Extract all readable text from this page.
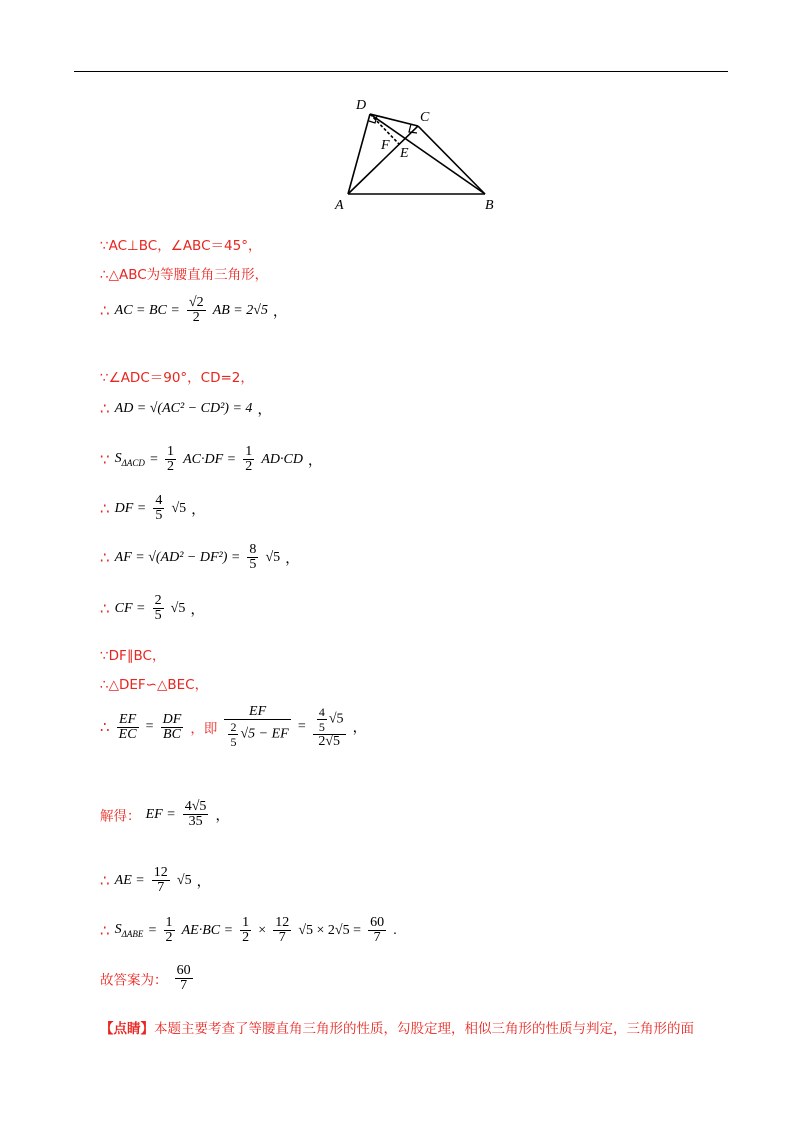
D
C
F
E
A	B
∵AC⊥BC，∠ABC＝45°，
∴△ABC为等腰直角三角形，
∴ AC = BC = $\frac{√2}{2}$ AB = 2√5 ，
∵∠ADC＝90°，CD=2，
∴ AD = √(AC² − CD²) = 4 ，
∵ $S_{\Delta ACD} = \frac{1}{2} AC\cdot DF = \frac{1}{2} AD\cdot CD$ ，
∴ DF = $\frac{4}{5} √5$ ，
∴ AF = $√(AD^2 - DF^2) = \frac{8}{5} √5$ ，
∴ CF = $\frac{2}{5} √5$ ，
∵DF∥BC，
∴△DEF∽△BEC，
∴ $\frac{EF}{EC} = \frac{DF}{BC}$ ，即 $\frac{EF}{\frac{2}{5} √5 - EF} = \frac{\frac{4}{5} √5}{2√5}$ ，
解得： EF = $\frac{4√5}{35}$ ，
∴ AE = $\frac{12}{7} √5$ ，
∴ $S_{\Delta ABE} = \frac{1}{2} AE\cdot BC = \frac{1}{2} \times \frac{12}{7} √5 \times 2√5 = \frac{60}{7}$ .
故答案为： $\frac{60}{7}$
【点睛】本题主要考查了等腰直角三角形的性质，勾股定理，相似三角形的性质与判定，三角形的面
